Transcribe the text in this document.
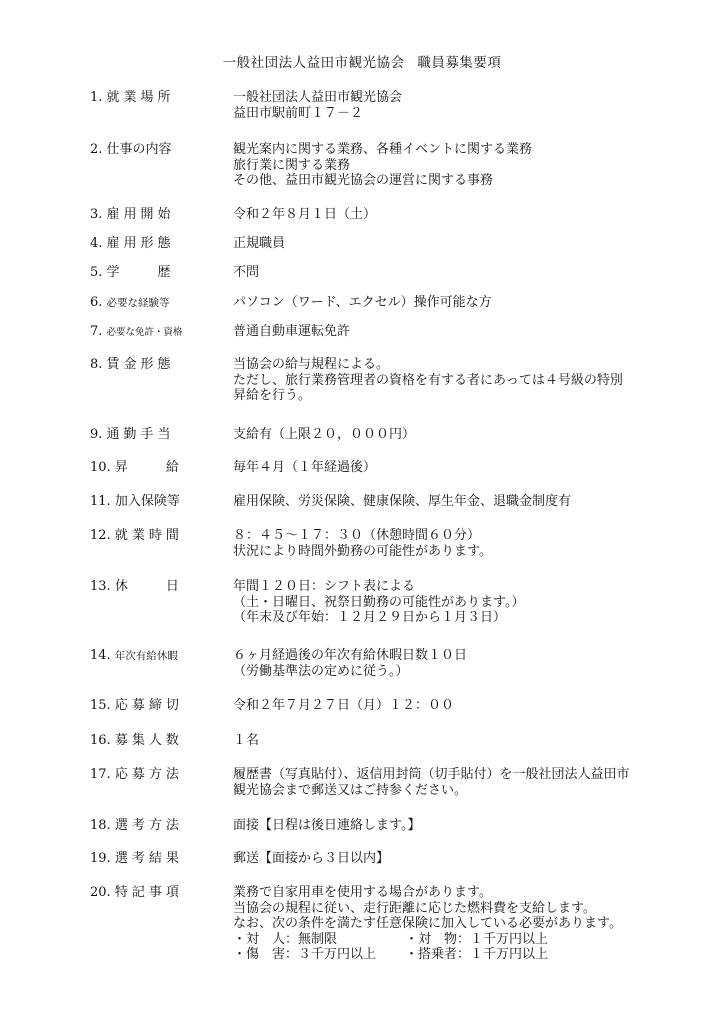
一般社団法人益田市観光協会 職員募集要項
1. 就業場所	一般社団法人益田市観光協会
益田市駅前町１７－２
2. 仕事の内容	観光案内に関する業務、各種イベントに関する業務
旅行業に関する業務
その他、益田市観光協会の運営に関する事務
3. 雇用開始	令和２年８月１日（土）
4. 雇用形態	正規職員
5. 学　　歴	不問
6. 必要な経験等	パソコン（ワード、エクセル）操作可能な方
7. 必要な免許・資格	普通自動車運転免許
8. 賃金形態	当協会の給与規程による。
ただし、旅行業務管理者の資格を有する者にあっては４号級の特別
昇給を行う。
9. 通勤手当	支給有（上限２０，０００円）
10. 昇　　給	毎年４月（１年経過後）
11. 加入保険等	雇用保険、労災保険、健康保険、厚生年金、退職金制度有
12. 就業時間	８：４５～１７：３０（休憩時間６０分）
状況により時間外勤務の可能性があります。
13. 休　　日	年間１２０日：シフト表による
（土・日曜日、祝祭日勤務の可能性があります。）
（年末及び年始：１２月２９日から１月３日）
14. 年次有給休暇	６ヶ月経過後の年次有給休暇日数１０日
（労働基準法の定めに従う。）
15. 応募締切	令和２年７月２７日（月）１２：００
16. 募集人数	１名
17. 応募方法	履歴書（写真貼付）、返信用封筒（切手貼付）を一般社団法人益田市
観光協会まで郵送又はご持参ください。
18. 選考方法	面接【日程は後日連絡します。】
19. 選考結果	郵送【面接から３日以内】
20. 特記事項	業務で自家用車を使用する場合があります。
当協会の規程に従い、走行距離に応じた燃料費を支給します。
なお、次の条件を満たす任意保険に加入している必要があります。
・対　人：無制限	・対　物：１千万円以上
・傷　害：３千万円以上	・搭乗者：１千万円以上
